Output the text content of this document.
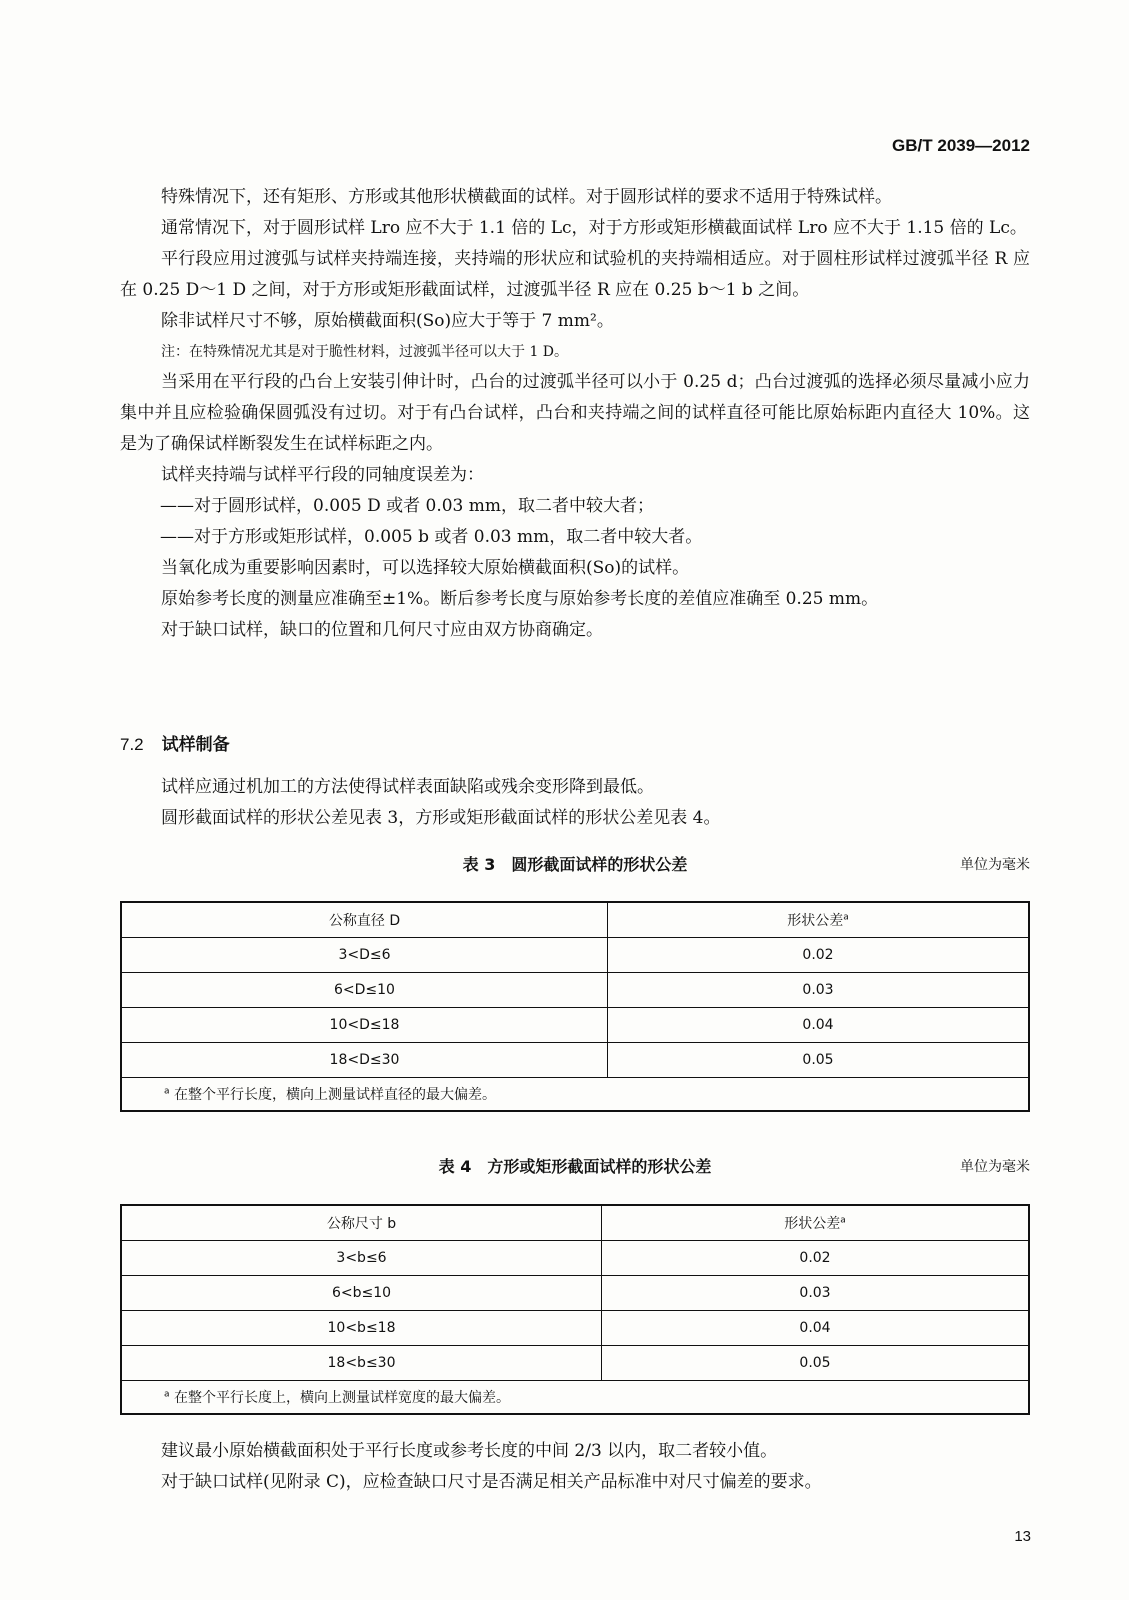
GB/T 2039—2012

特殊情况下，还有矩形、方形或其他形状横截面的试样。对于圆形试样的要求不适用于特殊试样。

通常情况下，对于圆形试样 Lro 应不大于 1.1 倍的 Lc，对于方形或矩形横截面试样 Lro 应不大于 1.15 倍的 Lc。

平行段应用过渡弧与试样夹持端连接，夹持端的形状应和试验机的夹持端相适应。对于圆柱形试样过渡弧半径 R 应在 0.25 D～1 D 之间，对于方形或矩形截面试样，过渡弧半径 R 应在 0.25 b～1 b 之间。

除非试样尺寸不够，原始横截面积(So)应大于等于 7 mm²。

注：在特殊情况尤其是对于脆性材料，过渡弧半径可以大于 1 D。

当采用在平行段的凸台上安装引伸计时，凸台的过渡弧半径可以小于 0.25 d；凸台过渡弧的选择必须尽量减小应力集中并且应检验确保圆弧没有过切。对于有凸台试样，凸台和夹持端之间的试样直径可能比原始标距内直径大 10%。这是为了确保试样断裂发生在试样标距之内。

试样夹持端与试样平行段的同轴度误差为：

——对于圆形试样，0.005 D 或者 0.03 mm，取二者中较大者；

——对于方形或矩形试样，0.005 b 或者 0.03 mm，取二者中较大者。

当氧化成为重要影响因素时，可以选择较大原始横截面积(So)的试样。

原始参考长度的测量应准确至±1%。断后参考长度与原始参考长度的差值应准确至 0.25 mm。

对于缺口试样，缺口的位置和几何尺寸应由双方协商确定。

7.2 试样制备

试样应通过机加工的方法使得试样表面缺陷或残余变形降到最低。

圆形截面试样的形状公差见表 3，方形或矩形截面试样的形状公差见表 4。

表 3　圆形截面试样的形状公差	单位为毫米
公称直径 D	形状公差$^a$
3<D≤6	0.02
6<D≤10	0.03
10<D≤18	0.04
18<D≤30	0.05
$^a$ 在整个平行长度，横向上测量试样直径的最大偏差。	
表 4　方形或矩形截面试样的形状公差	单位为毫米
公称尺寸 b	形状公差$^a$
3<b≤6	0.02
6<b≤10	0.03
10<b≤18	0.04
18<b≤30	0.05
$^a$ 在整个平行长度上，横向上测量试样宽度的最大偏差。	

建议最小原始横截面积处于平行长度或参考长度的中间 2/3 以内，取二者较小值。

对于缺口试样(见附录 C)，应检查缺口尺寸是否满足相关产品标准中对尺寸偏差的要求。

13
